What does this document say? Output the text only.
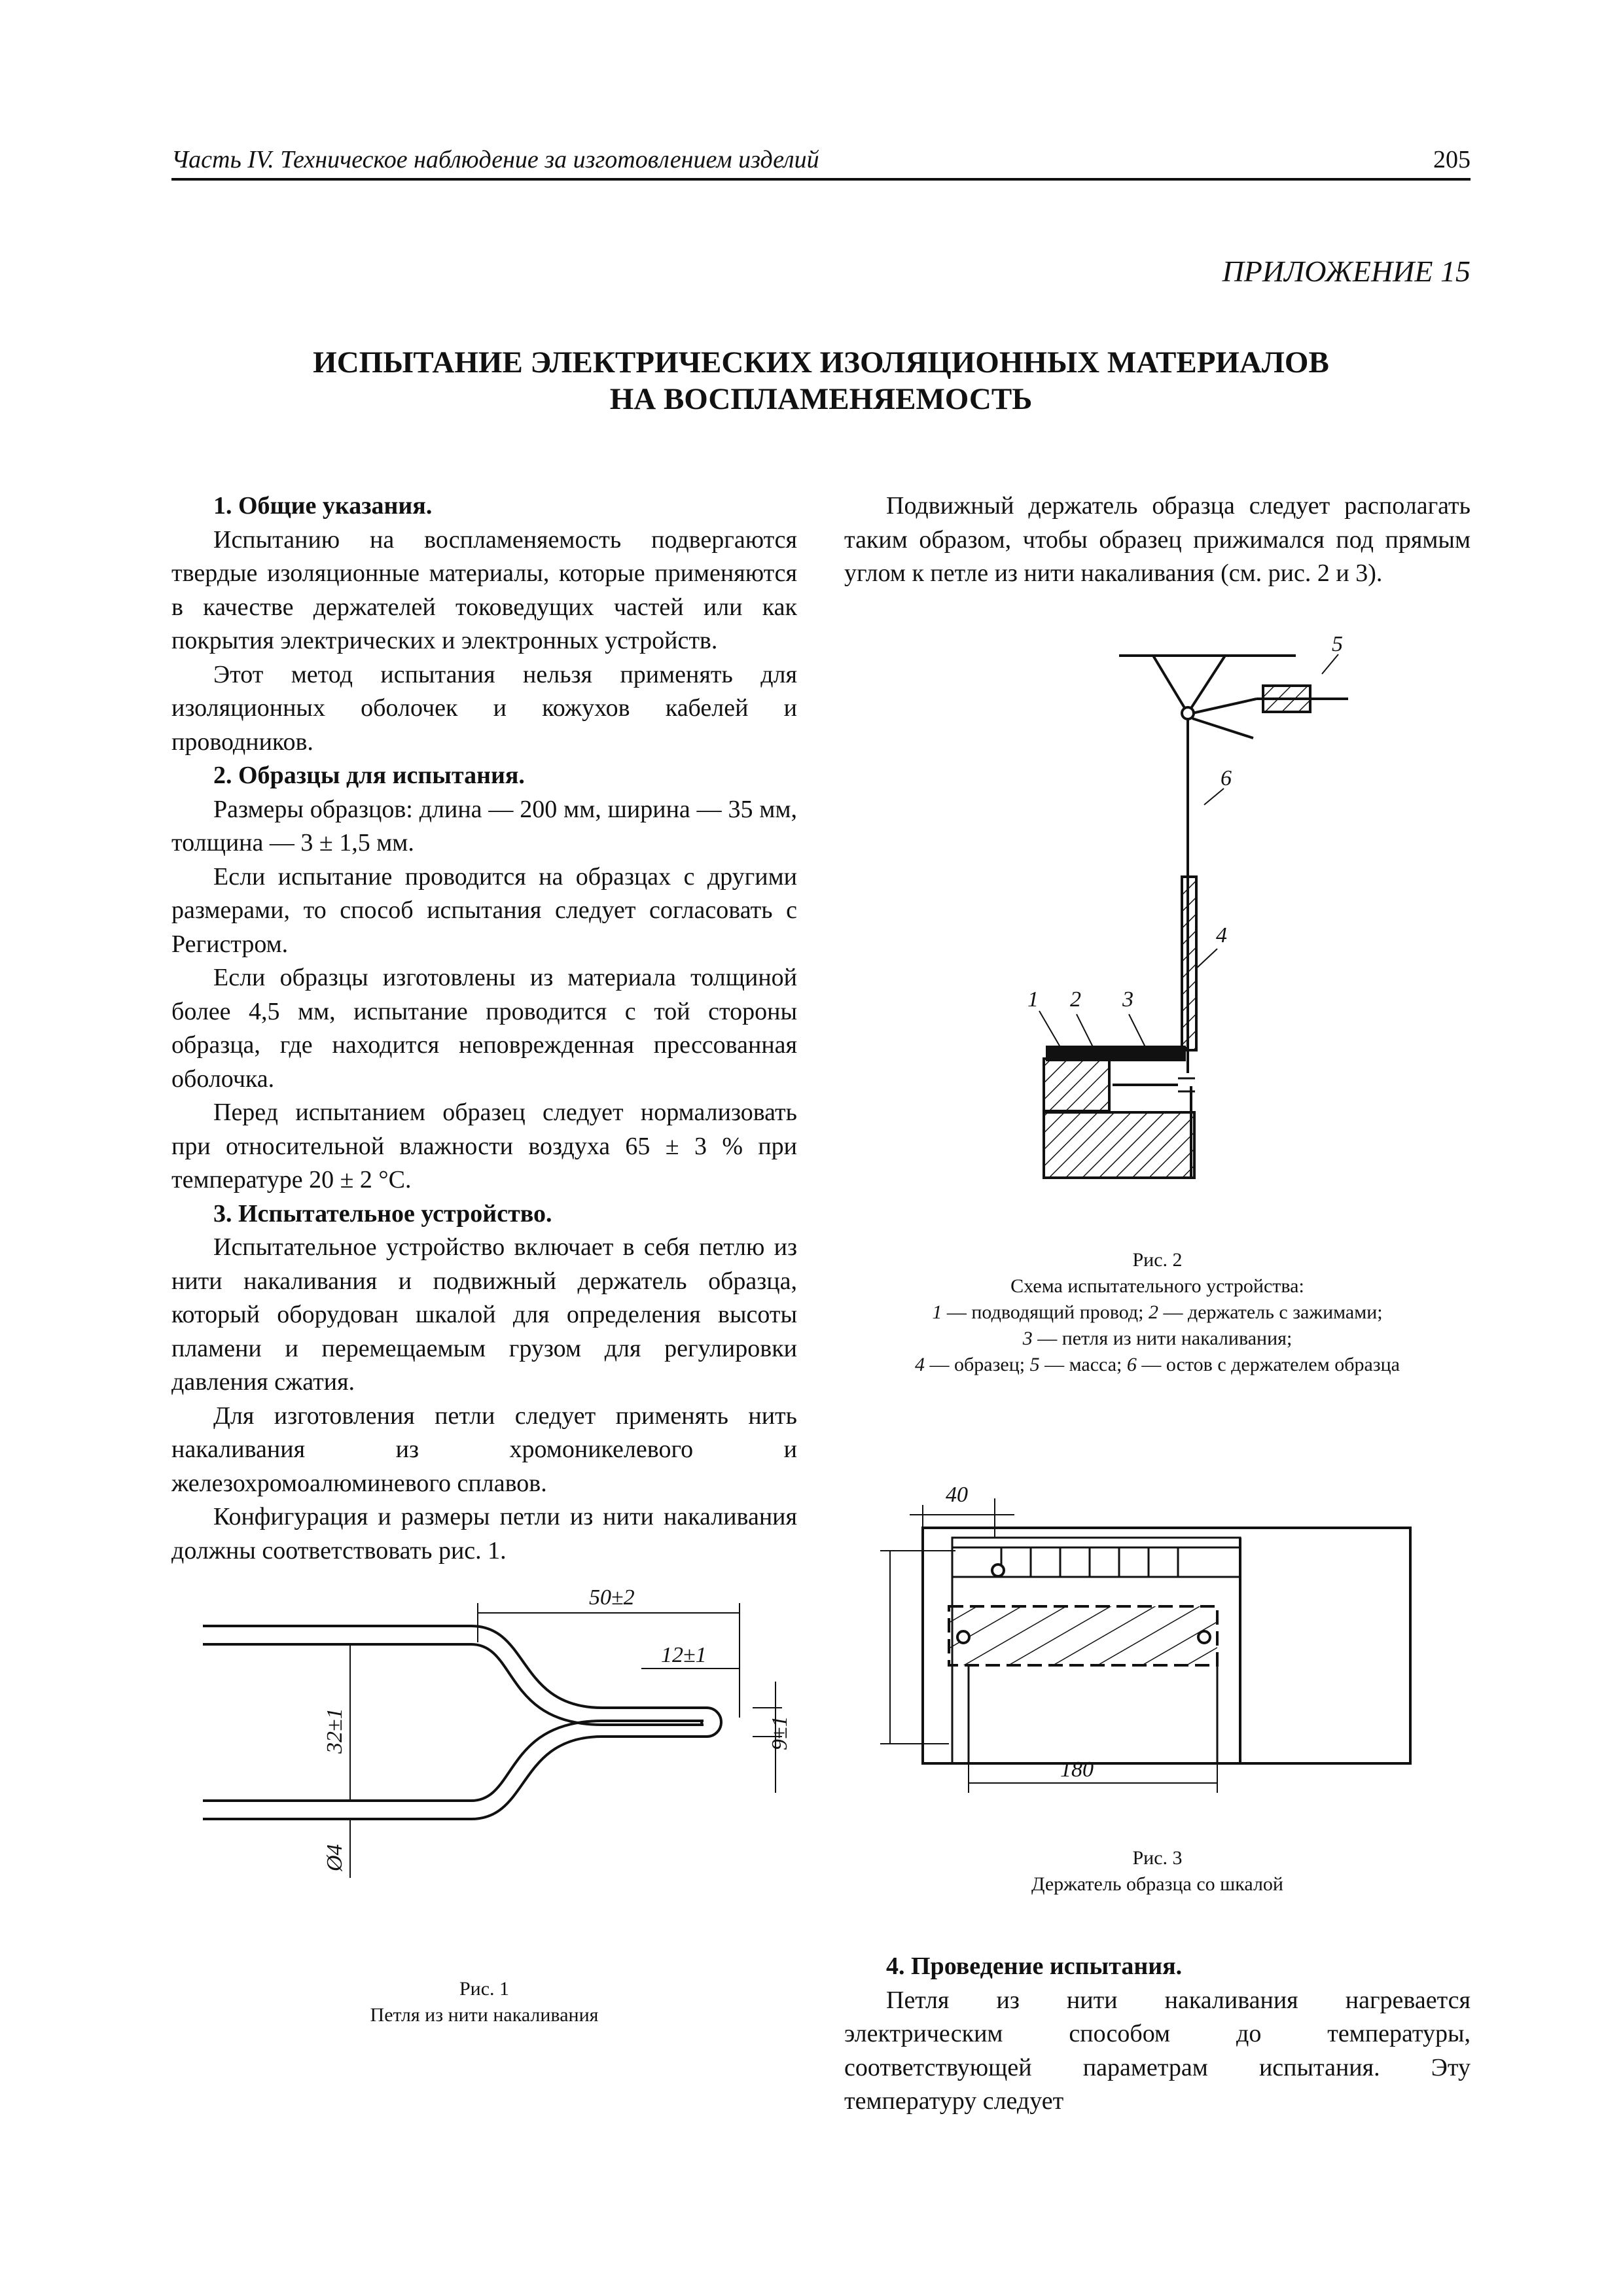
Часть IV. Техническое наблюдение за изготовлением изделий	205
ПРИЛОЖЕНИЕ 15
ИСПЫТАНИЕ ЭЛЕКТРИЧЕСКИХ ИЗОЛЯЦИОННЫХ МАТЕРИАЛОВ
НА ВОСПЛАМЕНЯЕМОСТЬ
1. Общие указания.

Испытанию на воспламеняемость подвергаются твердые изоляционные материалы, которые применяются в качестве держателей токоведущих частей или как покрытия электрических и электронных устройств.

Этот метод испытания нельзя применять для изоляционных оболочек и кожухов кабелей и проводников.

2. Образцы для испытания.

Размеры образцов: длина — 200 мм, ширина — 35 мм, толщина — 3 ± 1,5 мм.

Если испытание проводится на образцах с другими размерами, то способ испытания следует согласовать с Регистром.

Если образцы изготовлены из материала толщиной более 4,5 мм, испытание проводится с той стороны образца, где находится неповрежденная прессованная оболочка.

Перед испытанием образец следует нормализовать при относительной влажности воздуха 65 ± 3 % при температуре 20 ± 2 °C.

3. Испытательное устройство.

Испытательное устройство включает в себя петлю из нити накаливания и подвижный держатель образца, который оборудован шкалой для определения высоты пламени и перемещаемым грузом для регулировки давления сжатия.

Для изготовления петли следует применять нить накаливания из хромоникелевого и железохромоалюминевого сплавов.

Конфигурация и размеры петли из нити накаливания должны соответствовать рис. 1.

Подвижный держатель образца следует располагать таким образом, чтобы образец прижимался под прямым углом к петле из нити накаливания (см. рис. 2 и 3).

5
6
4
1 2 3
Рис. 2
Схема испытательного устройства:
1 — подводящий провод; 2 — держатель с зажимами;
3 — петля из нити накаливания;
4 — образец; 5 — масса; 6 — остов с держателем образца
40
180
Рис. 3
Держатель образца со шкалой
50±2
12±1
32±1	9±1
Ø4
Рис. 1
Петля из нити накаливания
4. Проведение испытания.

Петля из нити накаливания нагревается электрическим способом до температуры, соответствующей параметрам испытания. Эту температуру следует
